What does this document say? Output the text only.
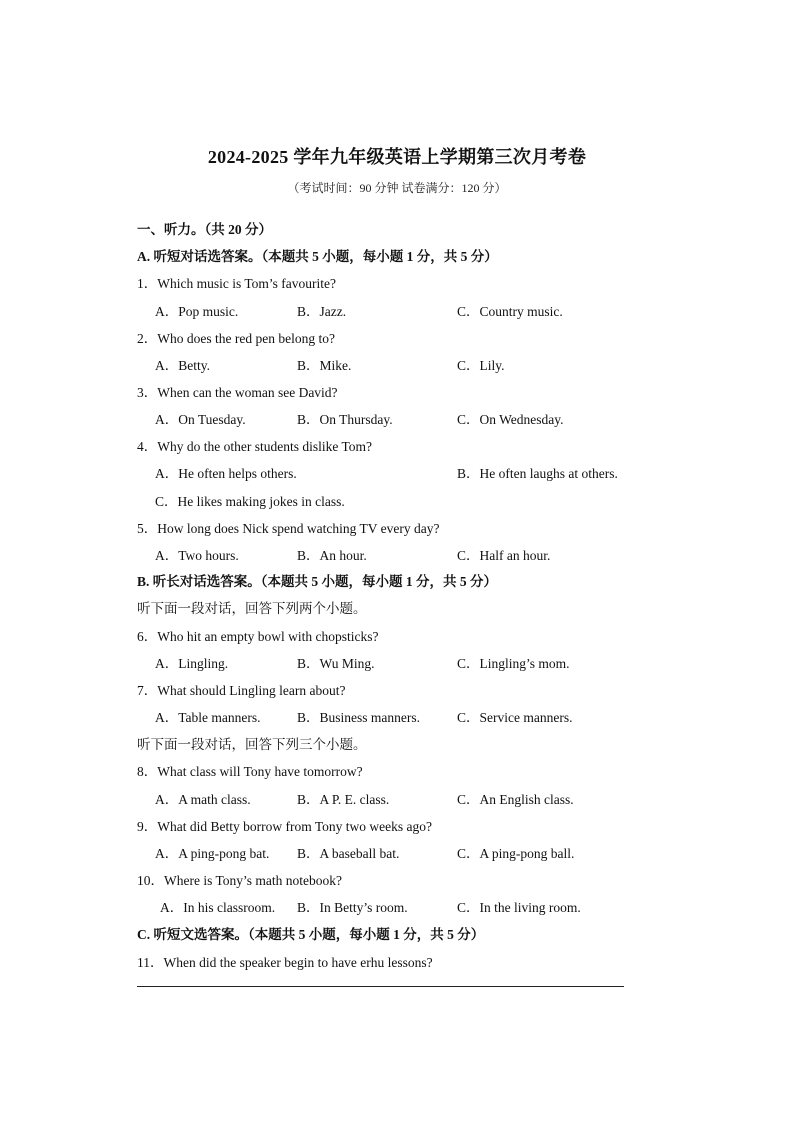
2024-2025 学年九年级英语上学期第三次月考卷
（考试时间：90 分钟 试卷满分：120 分）
一、听力。（共 20 分）
A. 听短对话选答案。（本题共 5 小题，每小题 1 分，共 5 分）
1．Which music is Tom’s favourite?
A．Pop music.	B．Jazz.	C．Country music.
2．Who does the red pen belong to?
A．Betty.	B．Mike.	C．Lily.
3．When can the woman see David?
A．On Tuesday.	B．On Thursday.	C．On Wednesday.
4．Why do the other students dislike Tom?
A．He often helps others.	B．He often laughs at others.
C．He likes making jokes in class.
5．How long does Nick spend watching TV every day?
A．Two hours.	B．An hour.	C．Half an hour.
B. 听长对话选答案。（本题共 5 小题，每小题 1 分，共 5 分）
听下面一段对话，回答下列两个小题。
6．Who hit an empty bowl with chopsticks?
A．Lingling.	B．Wu Ming.	C．Lingling’s mom.
7．What should Lingling learn about?
A．Table manners.	B．Business manners.	C．Service manners.
听下面一段对话，回答下列三个小题。
8．What class will Tony have tomorrow?
A．A math class.	B．A P. E. class.	C．An English class.
9．What did Betty borrow from Tony two weeks ago?
A．A ping-pong bat. B．A baseball bat.	C．A ping-pong ball.
10．Where is Tony’s math notebook?
A．In his classroom. B．In Betty’s room.	C．In the living room.
C. 听短文选答案。（本题共 5 小题，每小题 1 分，共 5 分）
11．When did the speaker begin to have erhu lessons?
